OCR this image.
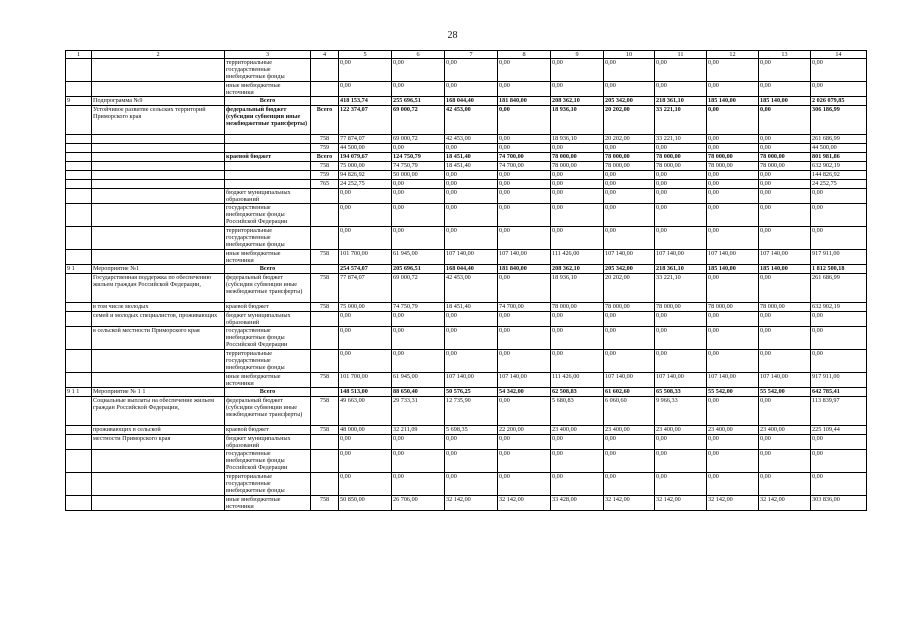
28
1	2	3	4	5	6	7	8	9	10	11	12	13	14
		территориальные государственные внебюджетные фонды		0,00	0,00	0,00	0,00	0,00	0,00	0,00	0,00	0,00	0,00
		иные внебюджетные источники		0,00	0,00	0,00	0,00	0,00	0,00	0,00	0,00	0,00	0,00
9	Подпрограмма №9	Всего		418 153,74	255 696,51	168 044,40	181 840,00	208 362,10	205 342,00	218 361,10	185 140,00	185 140,00	2 026 079,85
	Устойчивое развитие сельских территорий Приморского края	федеральный бюджет (субсидии субвенции иные межбюджетные трансферты)	Всего	122 374,07	69 000,72	42 453,00	0,00	18 936,10	20 202,00	33 221,10	0,00	0,00	306 186,99
			758	77 874,07	69 000,72	42 453,00	0,00	18 936,10	20 202,00	33 221,10	0,00	0,00	261 686,99
			759	44 500,00	0,00	0,00	0,00	0,00	0,00	0,00	0,00	0,00	44 500,00
		краевой бюджет	Всего	194 079,67	124 750,79	18 451,40	74 700,00	78 000,00	78 000,00	78 000,00	78 000,00	78 000,00	801 981,86
			758	75 000,00	74 750,79	18 451,40	74 700,00	78 000,00	78 000,00	78 000,00	78 000,00	78 000,00	632 902,19
			759	94 826,92	50 000,00	0,00	0,00	0,00	0,00	0,00	0,00	0,00	144 826,92
			765	24 252,75	0,00	0,00	0,00	0,00	0,00	0,00	0,00	0,00	24 252,75
		бюджет муниципальных образований		0,00	0,00	0,00	0,00	0,00	0,00	0,00	0,00	0,00	0,00
		государственные внебюджетные фонды Российской Федерации		0,00	0,00	0,00	0,00	0,00	0,00	0,00	0,00	0,00	0,00
		территориальные государственные внебюджетные фонды		0,00	0,00	0,00	0,00	0,00	0,00	0,00	0,00	0,00	0,00
		иные внебюджетные источники	758	101 700,00	61 945,00	107 140,00	107 140,00	111 426,00	107 140,00	107 140,00	107 140,00	107 140,00	917 911,00
9 1	Мероприятие №1	Всего		254 574,07	205 696,51	168 044,40	181 840,00	208 362,10	205 342,00	218 361,10	185 140,00	185 140,00	1 812 500,18
	Государственная поддержка по обеспечению жильем граждан Российской Федерации,	федеральный бюджет (субсидии субвенции иные межбюджетные трансферты)	758	77 874,07	69 000,72	42 453,00	0,00	18 936,10	20 202,00	33 221,10	0,00	0,00	261 686,99
	в том числе молодых	краевой бюджет	758	75 000,00	74 750,79	18 451,40	74 700,00	78 000,00	78 000,00	78 000,00	78 000,00	78 000,00	632 902,19
	семей и молодых специалистов, проживающих	бюджет муниципальных образований		0,00	0,00	0,00	0,00	0,00	0,00	0,00	0,00	0,00	0,00
	в сельской местности Приморского края	государственные внебюджетные фонды Российской Федерации		0,00	0,00	0,00	0,00	0,00	0,00	0,00	0,00	0,00	0,00
		территориальные государственные внебюджетные фонды		0,00	0,00	0,00	0,00	0,00	0,00	0,00	0,00	0,00	0,00
		иные внебюджетные источники	758	101 700,00	61 945,00	107 140,00	107 140,00	111 426,00	107 140,00	107 140,00	107 140,00	107 140,00	917 911,00
9 1 1	Мероприятие № 1 1	Всего		148 513,00	88 650,40	50 576,25	54 342,00	62 508,83	61 602,60	65 508,33	55 542,00	55 542,00	642 785,41
	Социальные выплаты на обеспечение жильем граждан Российской Федерации,	федеральный бюджет (субсидии субвенции иные межбюджетные трансферты)	758	49 663,00	29 733,31	12 735,90	0,00	5 680,83	6 060,60	9 966,33	0,00	0,00	113 839,97
	проживающих в сельской	краевой бюджет	758	48 000,00	32 211,09	5 698,35	22 200,00	23 400,00	23 400,00	23 400,00	23 400,00	23 400,00	225 109,44
	местности Приморского края	бюджет муниципальных образований		0,00	0,00	0,00	0,00	0,00	0,00	0,00	0,00	0,00	0,00
		государственные внебюджетные фонды Российской Федерации		0,00	0,00	0,00	0,00	0,00	0,00	0,00	0,00	0,00	0,00
		территориальные государственные внебюджетные фонды		0,00	0,00	0,00	0,00	0,00	0,00	0,00	0,00	0,00	0,00
		иные внебюджетные источники	758	50 850,00	26 706,00	32 142,00	32 142,00	33 428,00	32 142,00	32 142,00	32 142,00	32 142,00	303 836,00
